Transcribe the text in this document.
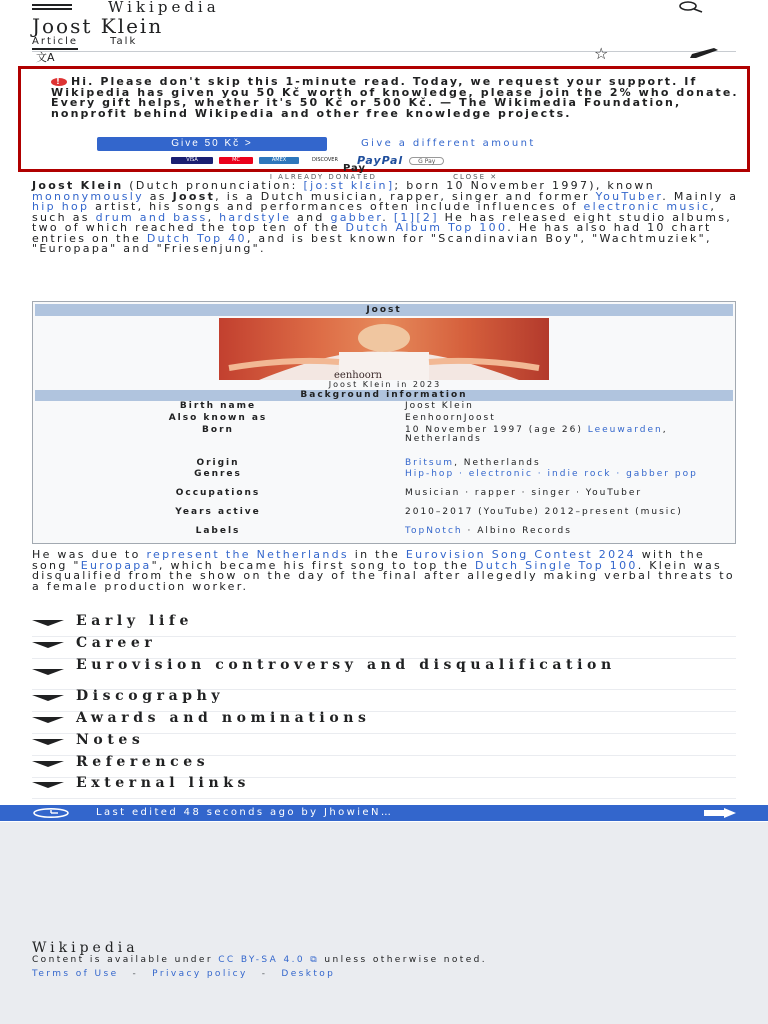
Wikipedia
Joost Klein
Article	Talk
文A	☆
! Hi. Please don't skip this 1-minute read. Today, we request your support. If Wikipedia has given you 50 Kč worth of knowledge, please join the 2% who donate. Every gift helps, whether it's 50 Kč or 500 Kč. — The Wikimedia Foundation, nonprofit behind Wikipedia and other free knowledge projects.
Give 50 Kč >	Give a different amount
VISA	MC	AMEX	DISCOVER	PayPal	G Pay
Pay
I ALREADY DONATED	CLOSE ✕

Joost Klein (Dutch pronunciation: [joːst klɛin]; born 10 November 1997), known mononymously as Joost, is a Dutch musician, rapper, singer and former YouTuber. Mainly a hip hop artist, his songs and performances often include influences of electronic music, such as drum and bass, hardstyle and gabber. [1][2] He has released eight studio albums, two of which reached the top ten of the Dutch Album Top 100. He has also had 10 chart entries on the Dutch Top 40, and is best known for "Scandinavian Boy", "Wachtmuziek", "Europapa" and "Friesenjung".

Joost
eenhoorn
Joost Klein in 2023
Background information
Birth name	Joost Klein
Also known as	EenhoornJoost
Born	10 November 1997 (age 26) Leeuwarden, Netherlands
Origin	Britsum, Netherlands
Genres	Hip-hop · electronic · indie rock · gabber pop
Occupations	Musician · rapper · singer · YouTuber
Years active	2010–2017 (YouTube) 2012–present (music)
Labels	TopNotch · Albino Records

He was due to represent the Netherlands in the Eurovision Song Contest 2024 with the song "Europapa", which became his first song to top the Dutch Single Top 100. Klein was disqualified from the show on the day of the final after allegedly making verbal threats to a female production worker.

Early life
Career
Eurovision controversy and disqualification
Discography
Awards and nominations
Notes
References
External links
Last edited 48 seconds ago by JhowieN…
Wikipedia
Content is available under CC BY-SA 4.0 ⧉ unless otherwise noted.
Terms of Use - Privacy policy - Desktop
